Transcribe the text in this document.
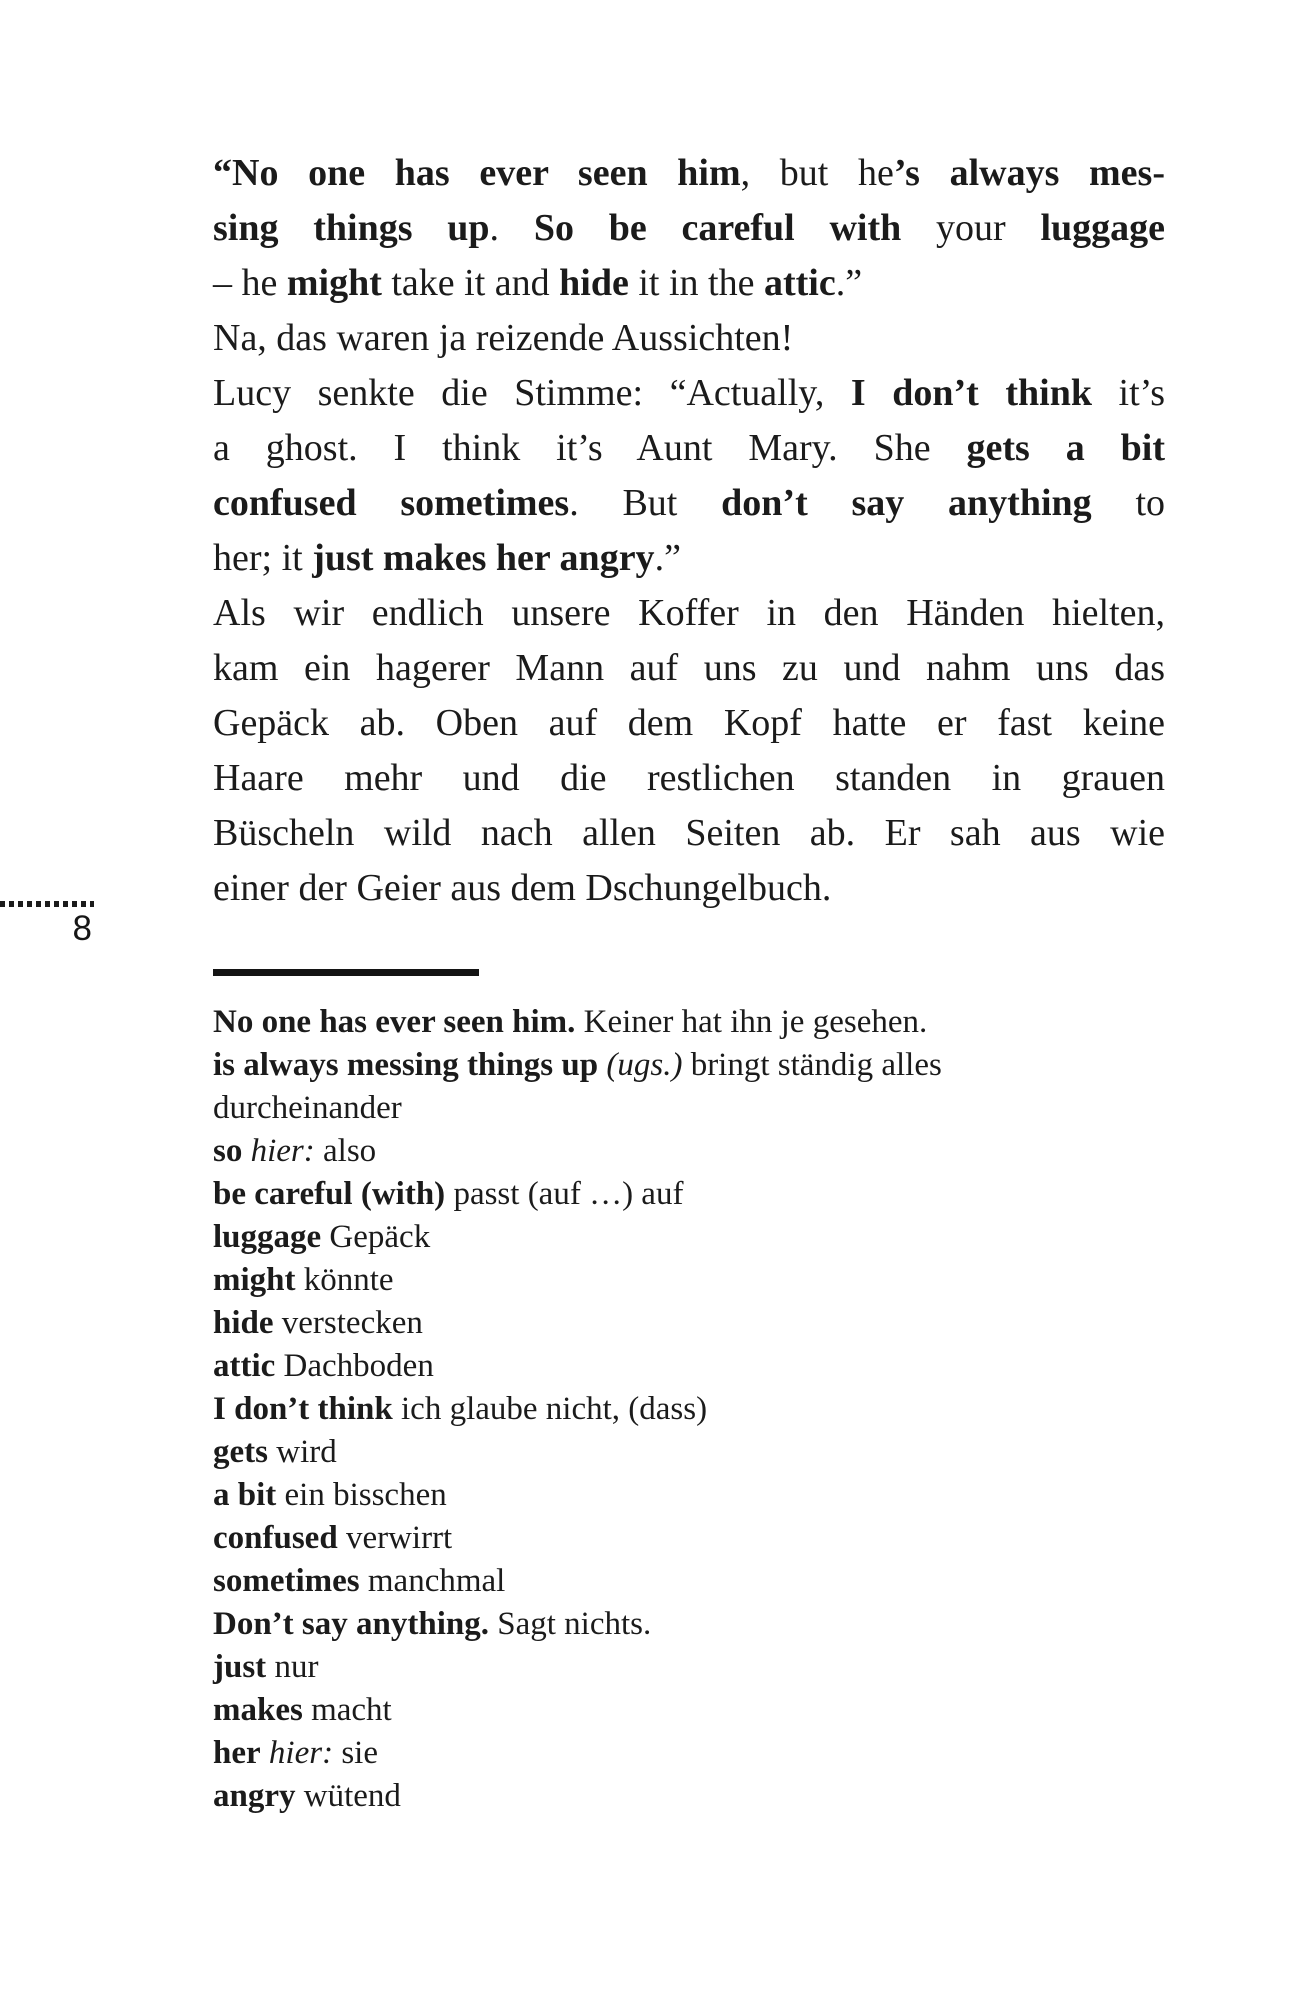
“No one has ever seen him, but he’s always mes-
sing things up. So be careful with your luggage
– he might take it and hide it in the attic.”
Na, das waren ja reizende Aussichten!
Lucy senkte die Stimme: “Actually, I don’t think it’s
a ghost. I think it’s Aunt Mary. She gets a bit
confused sometimes. But don’t say anything to
her; it just makes her angry.”
Als wir endlich unsere Koffer in den Händen hielten,
kam ein hagerer Mann auf uns zu und nahm uns das
Gepäck ab. Oben auf dem Kopf hatte er fast keine
Haare mehr und die restlichen standen in grauen
Büscheln wild nach allen Seiten ab. Er sah aus wie
einer der Geier aus dem Dschungelbuch.
8
No one has ever seen him. Keiner hat ihn je gesehen.
is always messing things up (ugs.) bringt ständig alles
durcheinander
so hier: also
be careful (with) passt (auf …) auf
luggage Gepäck
might könnte
hide verstecken
attic Dachboden
I don’t think ich glaube nicht, (dass)
gets wird
a bit ein bisschen
confused verwirrt
sometimes manchmal
Don’t say anything. Sagt nichts.
just nur
makes macht
her hier: sie
angry wütend
